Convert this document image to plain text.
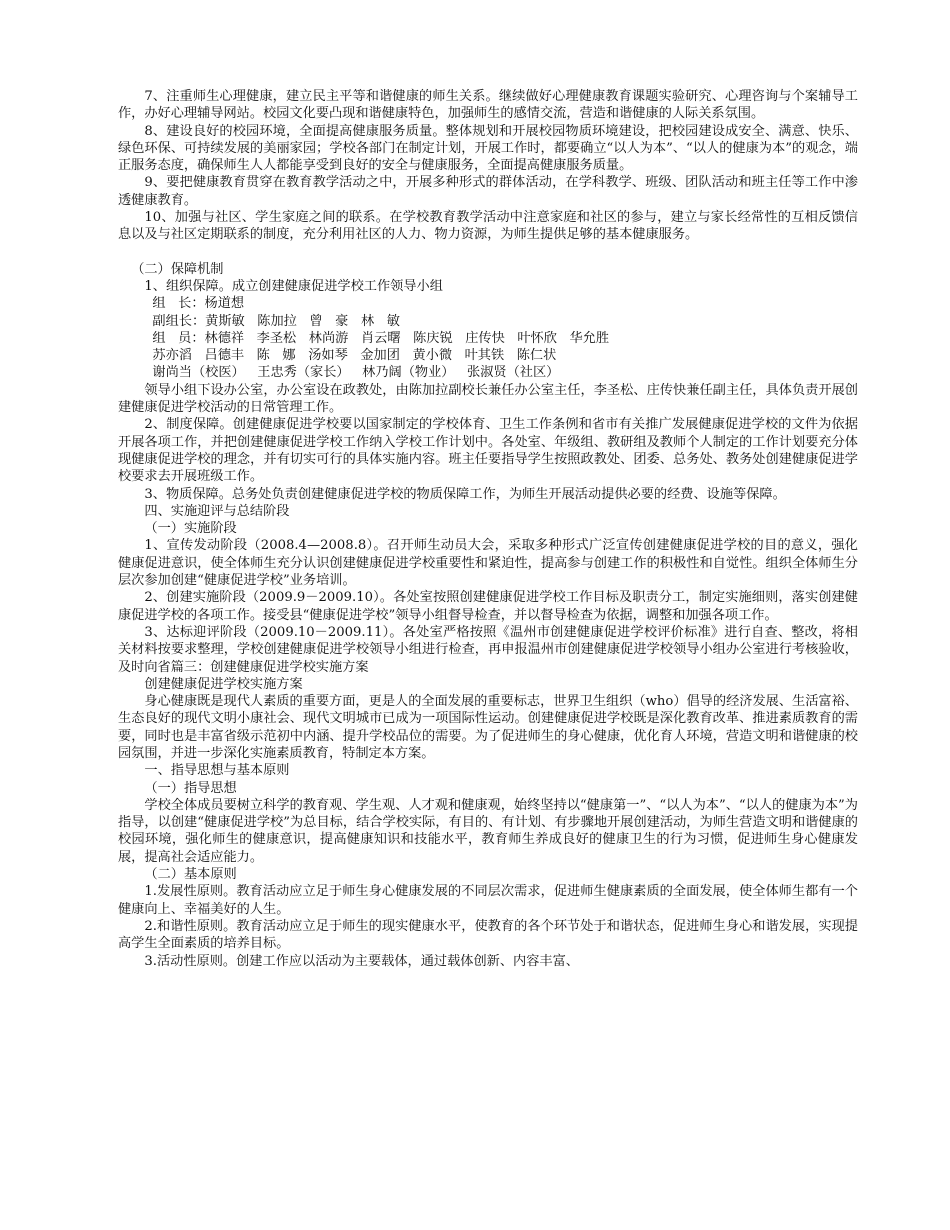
7、注重师生心理健康，建立民主平等和谐健康的师生关系。继续做好心理健康教育课题实验研究、心理咨询与个案辅导工作，办好心理辅导网站。校园文化要凸现和谐健康特色，加强师生的感情交流，营造和谐健康的人际关系氛围。

8、建设良好的校园环境，全面提高健康服务质量。整体规划和开展校园物质环境建设，把校园建设成安全、满意、快乐、绿色环保、可持续发展的美丽家园；学校各部门在制定计划，开展工作时，都要确立“以人为本”、“以人的健康为本”的观念，端正服务态度，确保师生人人都能享受到良好的安全与健康服务，全面提高健康服务质量。

9、要把健康教育贯穿在教育教学活动之中，开展多种形式的群体活动，在学科教学、班级、团队活动和班主任等工作中渗透健康教育。

10、加强与社区、学生家庭之间的联系。在学校教育教学活动中注意家庭和社区的参与，建立与家长经常性的互相反馈信息以及与社区定期联系的制度，充分利用社区的人力、物力资源，为师生提供足够的基本健康服务。

（二）保障机制

1、组织保障。成立创建健康促进学校工作领导小组

组   长：杨道想

副组长：黄斯敏   陈加拉   曾   豪   林   敏

组   员：林德祥   李圣松   林尚游   肖云曙   陈庆锐   庄传快   叶怀欣   华允胜

苏亦滔   吕德丰   陈   娜   汤如琴   金加团   黄小微   叶其铁   陈仁状

谢尚当（校医）   王忠秀（家长）   林乃阔（物业）   张淑贤（社区）

领导小组下设办公室，办公室设在政教处，由陈加拉副校长兼任办公室主任，李圣松、庄传快兼任副主任，具体负责开展创建健康促进学校活动的日常管理工作。

2、制度保障。创建健康促进学校要以国家制定的学校体育、卫生工作条例和省市有关推广发展健康促进学校的文件为依据开展各项工作，并把创建健康促进学校工作纳入学校工作计划中。各处室、年级组、教研组及教师个人制定的工作计划要充分体现健康促进学校的理念，并有切实可行的具体实施内容。班主任要指导学生按照政教处、团委、总务处、教务处创建健康促进学校要求去开展班级工作。

3、物质保障。总务处负责创建健康促进学校的物质保障工作，为师生开展活动提供必要的经费、设施等保障。

四、实施迎评与总结阶段

（一）实施阶段

1、宣传发动阶段（2008.4—2008.8）。召开师生动员大会，采取多种形式广泛宣传创建健康促进学校的目的意义，强化健康促进意识，使全体师生充分认识创建健康促进学校重要性和紧迫性，提高参与创建工作的积极性和自觉性。组织全体师生分层次参加创建“健康促进学校”业务培训。

2、创建实施阶段（2009.9－2009.10）。各处室按照创建健康促进学校工作目标及职责分工，制定实施细则，落实创建健康促进学校的各项工作。接受县“健康促进学校”领导小组督导检查，并以督导检查为依据，调整和加强各项工作。

3、达标迎评阶段（2009.10－2009.11）。各处室严格按照《温州市创建健康促进学校评价标准》进行自查、整改，将相关材料按要求整理，学校创建健康促进学校领导小组进行检查，再申报温州市创建健康促进学校领导小组办公室进行考核验收，及时向省篇三：创建健康促进学校实施方案

创建健康促进学校实施方案

身心健康既是现代人素质的重要方面，更是人的全面发展的重要标志，世界卫生组织（who）倡导的经济发展、生活富裕、生态良好的现代文明小康社会、现代文明城市已成为一项国际性运动。创建健康促进学校既是深化教育改革、推进素质教育的需要，同时也是丰富省级示范初中内涵、提升学校品位的需要。为了促进师生的身心健康，优化育人环境，营造文明和谐健康的校园氛围，并进一步深化实施素质教育，特制定本方案。

一、指导思想与基本原则

（一）指导思想

学校全体成员要树立科学的教育观、学生观、人才观和健康观，始终坚持以“健康第一”、“以人为本”、“以人的健康为本”为指导，以创建“健康促进学校”为总目标，结合学校实际，有目的、有计划、有步骤地开展创建活动，为师生营造文明和谐健康的校园环境，强化师生的健康意识，提高健康知识和技能水平，教育师生养成良好的健康卫生的行为习惯，促进师生身心健康发展，提高社会适应能力。

（二）基本原则

1.发展性原则。教育活动应立足于师生身心健康发展的不同层次需求，促进师生健康素质的全面发展，使全体师生都有一个健康向上、幸福美好的人生。

2.和谐性原则。教育活动应立足于师生的现实健康水平，使教育的各个环节处于和谐状态，促进师生身心和谐发展，实现提高学生全面素质的培养目标。

3.活动性原则。创建工作应以活动为主要载体，通过载体创新、内容丰富、
